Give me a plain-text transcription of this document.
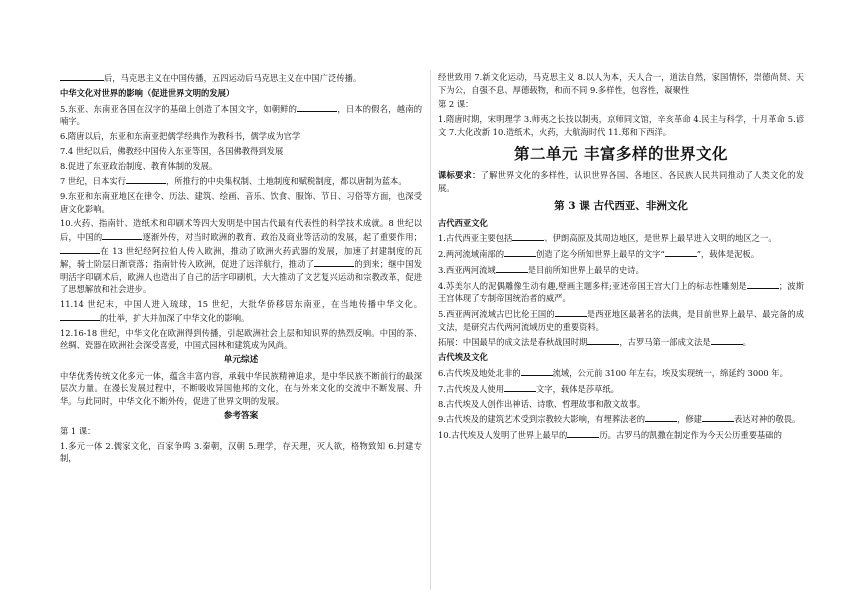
后，马克思主义在中国传播，五四运动后马克思主义在中国广泛传播。

中华文化对世界的影响（促进世界文明的发展）

5.东亚、东南亚各国在汉字的基础上创造了本国文字，如朝鲜的	，日本的假名，越南的喃字。

6.隋唐以后，东亚和东南亚把儒学经典作为教科书，儒学成为官学

7.4 世纪以后，佛教经中国传入东亚等国，各国佛教得到发展

8.促进了东亚政治制度、教育体制的发展。

7 世纪，日本实行	，所推行的中央集权制、土地制度和赋税制度，都以唐制为蓝本。

9.东亚和东南亚地区在律令、历法、建筑、绘画、音乐、饮食、服饰、节日、习俗等方面，也深受唐文化影响。

10.火药、指南针、造纸术和印刷术等四大发明是中国古代最有代表性的科学技术成就。8 世纪以后，中国的	逐渐外传，对当时欧洲的教育、政治及商业等活动的发展，起了重要作用；在 13 世纪经阿拉伯人传入欧洲，推动了欧洲火药武器的发展，加速了封建制度的瓦解，骑士阶层日渐衰落；指南针传入欧洲，促进了远洋航行，推动了	的到来；继中国发明活字印刷术后，欧洲人也造出了自己的活字印刷机，大大推动了文艺复兴运动和宗教改革，促进了思想解放和社会进步。

11.14 世纪末，中国人进入琉球，15 世纪，大批华侨移居东南亚，在当地传播中华文化。的壮举，扩大并加深了中华文化的影响。

12.16-18 世纪，中华文化在欧洲得到传播，引起欧洲社会上层和知识界的热烈反响。中国的茶、丝绸、瓷器在欧洲社会深受喜爱，中国式园林和建筑成为风尚。

单元综述

中华优秀传统文化多元一体，蕴含丰富内容，承载中华民族精神追求，是中华民族不断前行的最深层次力量。在漫长发展过程中，不断吸收异国他邦的文化，在与外来文化的交流中不断发展、升华。与此同时，中华文化不断外传，促进了世界文明的发展。

参考答案

第 1 课：

1.多元一体 2.儒家文化，百家争鸣 3.秦朝，汉朝 5.理学，存天理，灭人欲，格物致知 6.封建专制，

经世致用 7.新文化运动，马克思主义 8.以人为本，天人合一，道法自然，家国情怀，崇德尚贤、天下为公，自强不息、厚德载物，和而不同 9.多样性，包容性，凝聚性

第 2 课：

1.隋唐时期，宋明理学 3.师夷之长技以制夷，京师同文馆，辛亥革命 4.民主与科学，十月革命 5.谚文 7.大化改新 10.造纸术，火药，大航海时代 11.郑和下西洋。

第二单元 丰富多样的世界文化

课标要求：了解世界文化的多样性，认识世界各国、各地区、各民族人民共同推动了人类文化的发展。

第 3 课 古代西亚、非洲文化

古代西亚文化

1.古代西亚主要包括	、伊朗高原及其周边地区，是世界上最早进入文明的地区之一。

2.两河流域南部的	创造了迄今所知世界上最早的文字“	”，载体是泥板。

3.西亚两河流域	是目前所知世界上最早的史诗。

4.苏美尔人的泥偶雕像生动有趣,壁画主题多样;亚述帝国王宫大门上的标志性雕刻是	；波斯王宫体现了专制帝国统治者的威严。

5.西亚两河流域古巴比伦王国的	是西亚地区最著名的法典，是目前世界上最早、最完备的成文法，是研究古代两河流域历史的重要资料。

拓展：中国最早的成文法是春秋战国时期	，古罗马第一部成文法是	。

古代埃及文化

6.古代埃及地处北非的	流域，公元前 3100 年左右，埃及实现统一，绵延约 3000 年。

7.古代埃及人使用	文字，载体是莎草纸。

8.古代埃及人创作出神话、诗歌、哲理故事和散文故事。

9.古代埃及的建筑艺术受到宗教较大影响，有埋葬法老的	，修建	表达对神的敬畏。

10.古代埃及人发明了世界上最早的	历。古罗马的凯撒在制定作为今天公历重要基础的
